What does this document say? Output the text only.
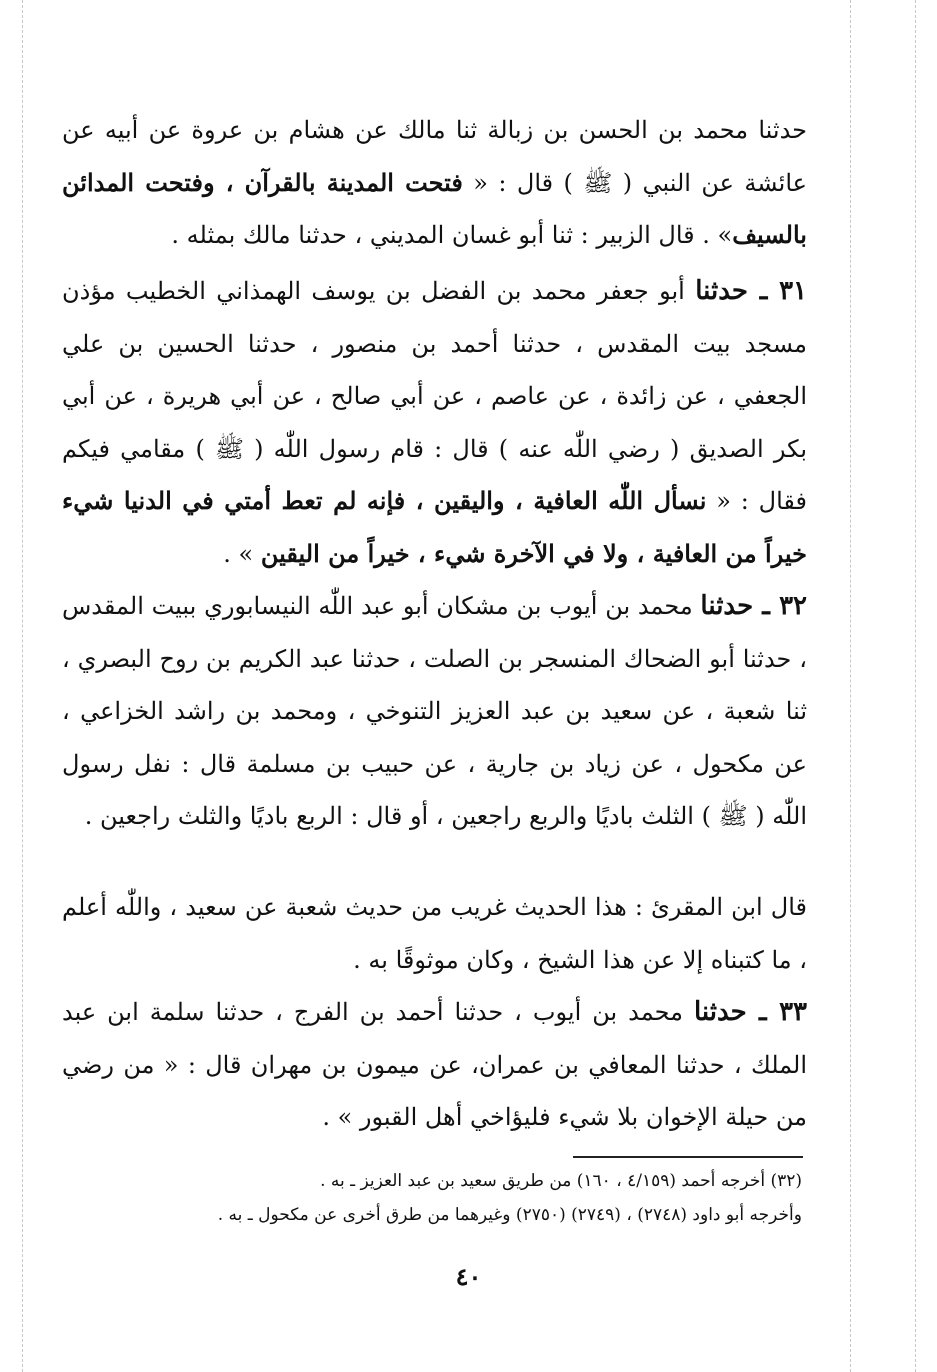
حدثنا محمد بن الحسن بن زبالة ثنا مالك عن هشام بن عروة عن أبيه عن عائشة عن النبي ( ﷺ ) قال : « فتحت المدينة بالقرآن ، وفتحت المدائن بالسيف» . قال الزبير : ثنا أبو غسان المديني ، حدثنا مالك بمثله .

٣١ ـ حدثنا أبو جعفر محمد بن الفضل بن يوسف الهمذاني الخطيب مؤذن مسجد بيت المقدس ، حدثنا أحمد بن منصور ، حدثنا الحسين بن علي الجعفي ، عن زائدة ، عن عاصم ، عن أبي صالح ، عن أبي هريرة ، عن أبي بكر الصديق ( رضي اللّٰه عنه ) قال : قام رسول اللّٰه ( ﷺ ) مقامي فيكم فقال : « نسأل اللّٰه العافية ، واليقين ، فإنه لم تعط أمتي في الدنيا شيء خيراً من العافية ، ولا في الآخرة شيء ، خيراً من اليقين » .

٣٢ ـ حدثنا محمد بن أيوب بن مشكان أبو عبد اللّٰه النيسابوري ببيت المقدس ، حدثنا أبو الضحاك المنسجر بن الصلت ، حدثنا عبد الكريم بن روح البصري ، ثنا شعبة ، عن سعيد بن عبد العزيز التنوخي ، ومحمد بن راشد الخزاعي ، عن مكحول ، عن زياد بن جارية ، عن حبيب بن مسلمة قال : نفل رسول اللّٰه ( ﷺ ) الثلث باديًا والربع راجعين ، أو قال : الربع باديًا والثلث راجعين .

قال ابن المقرئ : هذا الحديث غريب من حديث شعبة عن سعيد ، واللّٰه أعلم ، ما كتبناه إلا عن هذا الشيخ ، وكان موثوقًا به .

٣٣ ـ حدثنا محمد بن أيوب ، حدثنا أحمد بن الفرج ، حدثنا سلمة ابن عبد الملك ، حدثنا المعافي بن عمران، عن ميمون بن مهران قال : « من رضي من حيلة الإخوان بلا شيء فليؤاخي أهل القبور » .

(٣٢) أخرجه أحمد (٤/١٥٩ ، ١٦٠) من طريق سعيد بن عبد العزيز ـ به .

وأخرجه أبو داود (٢٧٤٨) ، (٢٧٤٩) (٢٧٥٠) وغيرهما من طرق أخرى عن مكحول ـ به .

٤٠
